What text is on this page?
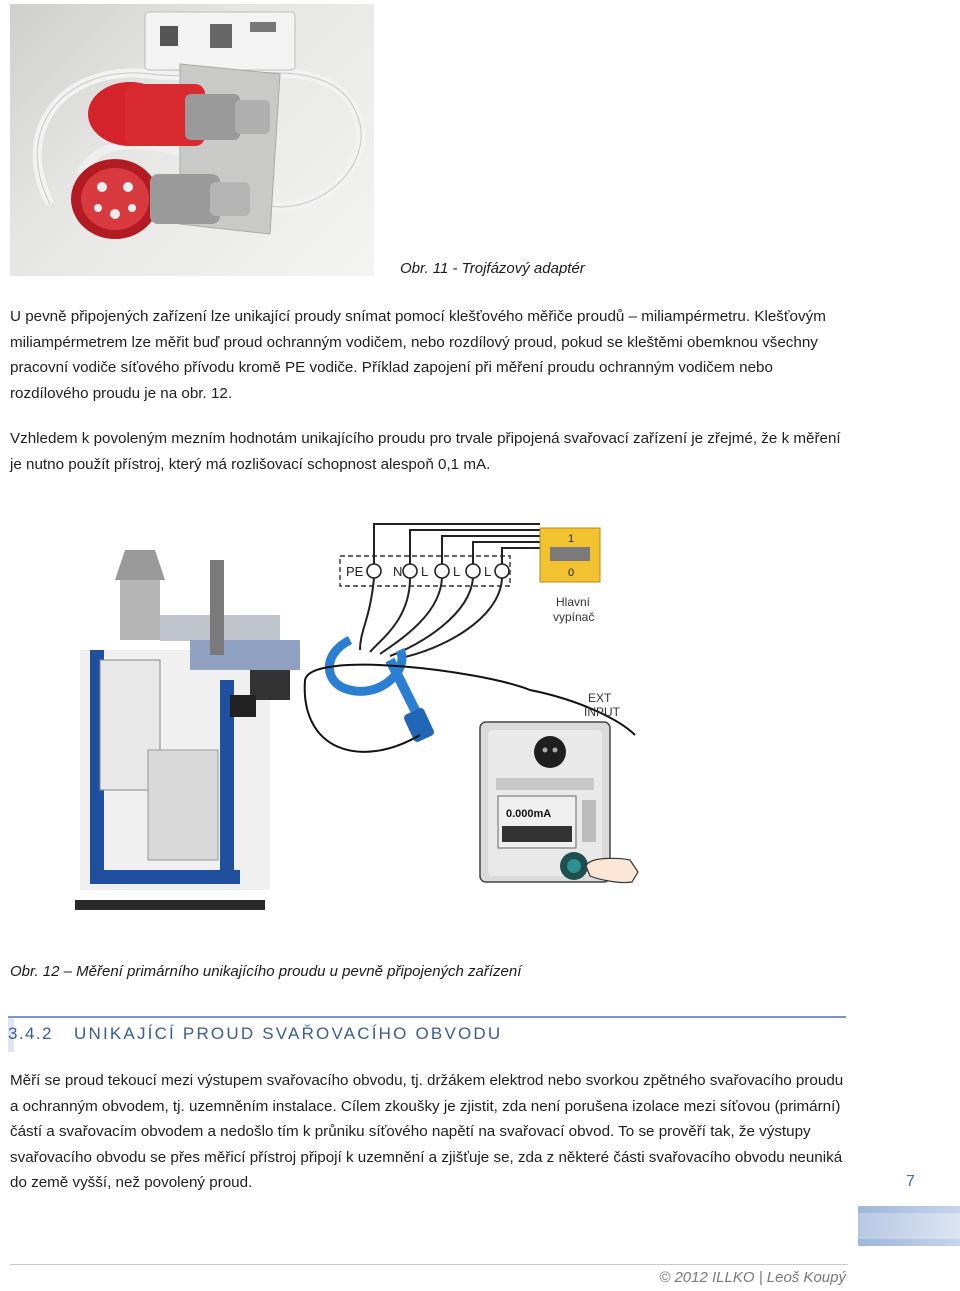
Obr. 11 - Trojfázový adaptér
U pevně připojených zařízení lze unikající proudy snímat pomocí klešťového měřiče proudů – miliampérmetru. Klešťovým miliampérmetrem lze měřit buď proud ochranným vodičem, nebo rozdílový proud, pokud se kleštěmi obemknou všechny pracovní vodiče síťového přívodu kromě PE vodiče. Příklad zapojení při měření proudu ochranným vodičem nebo rozdílového proudu je na obr. 12.
Vzhledem k povoleným mezním hodnotám unikajícího proudu pro trvale připojená svařovací zařízení je zřejmé, že k měření je nutno použít přístroj, který má rozlišovací schopnost alespoň 0,1 mA.
PE N L L L
1
0
Hlavní
vypínač
EXT
INPUT
0.000mA
Obr. 12 – Měření primárního unikajícího proudu u pevně připojených zařízení
3.4.2 UNIKAJÍCÍ PROUD SVAŘOVACÍHO OBVODU
Měří se proud tekoucí mezi výstupem svařovacího obvodu, tj. držákem elektrod nebo svorkou zpětného svařovacího proudu a ochranným obvodem, tj. uzemněním instalace. Cílem zkoušky je zjistit, zda není porušena izolace mezi síťovou (primární) částí a svařovacím obvodem a nedošlo tím k průniku síťového napětí na svařovací obvod. To se prověří tak, že výstupy svařovacího obvodu se přes měřicí přístroj připojí k uzemnění a zjišťuje se, zda z některé části svařovacího obvodu neuniká do země vyšší, než povolený proud.	7
© 2012 ILLKO | Leoš Koupý
